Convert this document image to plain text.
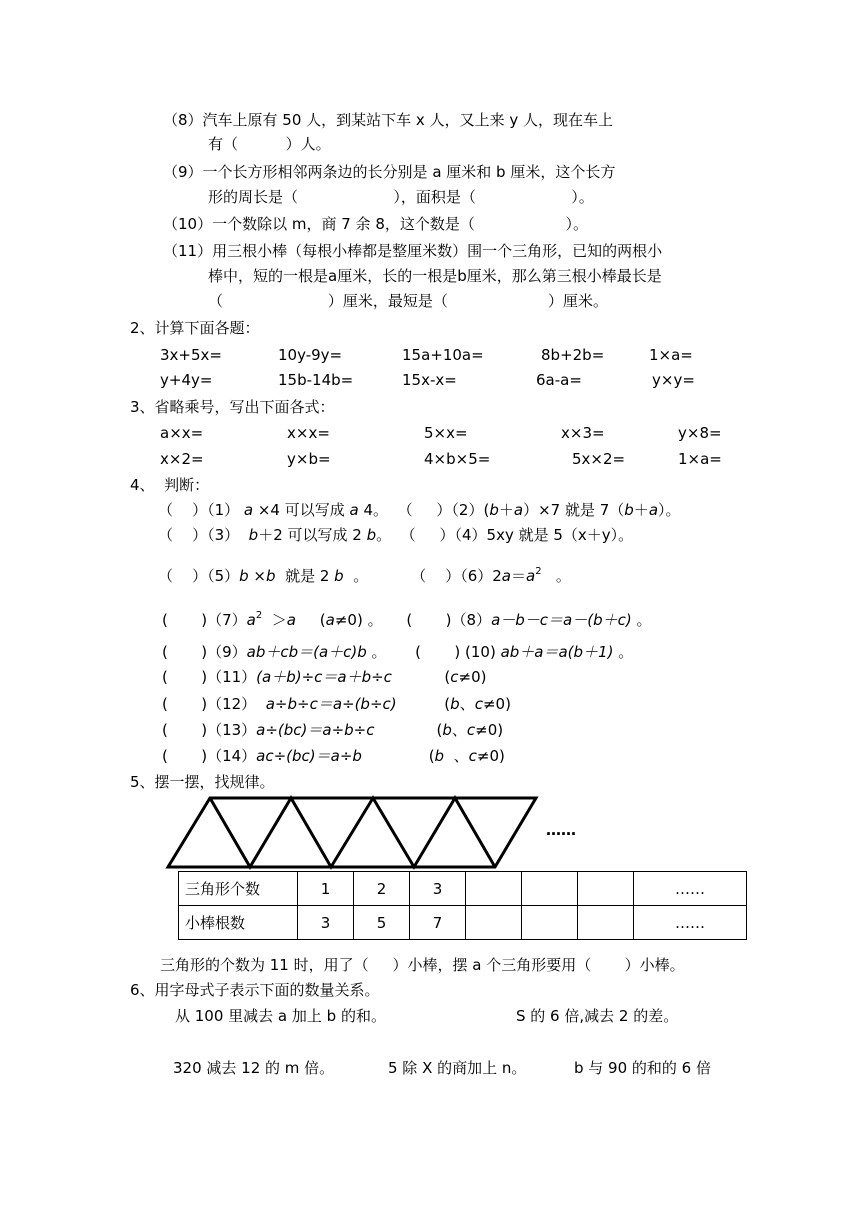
（8）汽车上原有 50 人，到某站下车 x 人，又上来 y 人，现在车上
有（          ）人。
（9）一个长方形相邻两条边的长分别是 a 厘米和 b 厘米，这个长方
形的周长是（                    ），面积是（                    ）。
（10）一个数除以 m，商 7 余 8，这个数是（                   ）。
（11）用三根小棒（每根小棒都是整厘米数）围一个三角形，已知的两根小
棒中，短的一根是a厘米，长的一根是b厘米，那么第三根小棒最长是
（                      ）厘米，最短是（                     ）厘米。
2、计算下面各题：
3x+5x=	10y-9y=	15a+10a=	8b+2b=	1×a=
y+4y=	15b-14b=	15x-x=	6a-a=	y×y=
3、省略乘号，写出下面各式：
a×x=	x×x=	5×x=	x×3=	y×8=
x×2=	y×b=	4×b×5=	5x×2=	1×a=
4、  判断：
（    ）（1） a ×4 可以写成 a 4。  （     ）（2）(b＋a）×7 就是 7（b＋a）。
（    ）（3）  b＋2 可以写成 2 b。  （     ）（4）5xy 就是 5（x＋y）。
（    ）（5）b ×b  就是 2 b  。         （    ）$(6)2a=a^2$   。
(       )$(7)a^2 >a$     (a≠0) 。     (       )（8）a－b－c＝a－(b＋c) 。
(       )（9）ab＋cb＝(a＋c)b 。      (       ) (10) ab＋a＝a(b＋1) 。
(       )（11）(a＋b)÷c＝a＋b÷c           (c≠0)
(       )（12）  a÷b÷c＝a÷(b÷c)          (b、c≠0)
(       )（13）a÷(bc)＝a÷b÷c             (b、c≠0)
(       )（14）ac÷(bc)＝a÷b              (b  、c≠0)
5、摆一摆，找规律。
……
三角形个数	1	2	3				……
小棒根数	3	5	7				……
三角形的个数为 11 时，用了（     ）小棒，摆 a 个三角形要用（       ）小棒。
6、用字母式子表示下面的数量关系。
从 100 里减去 a 加上 b 的和。	S 的 6 倍,减去 2 的差。
320 减去 12 的 m 倍。	5 除 X 的商加上 n。	b 与 90 的和的 6 倍
